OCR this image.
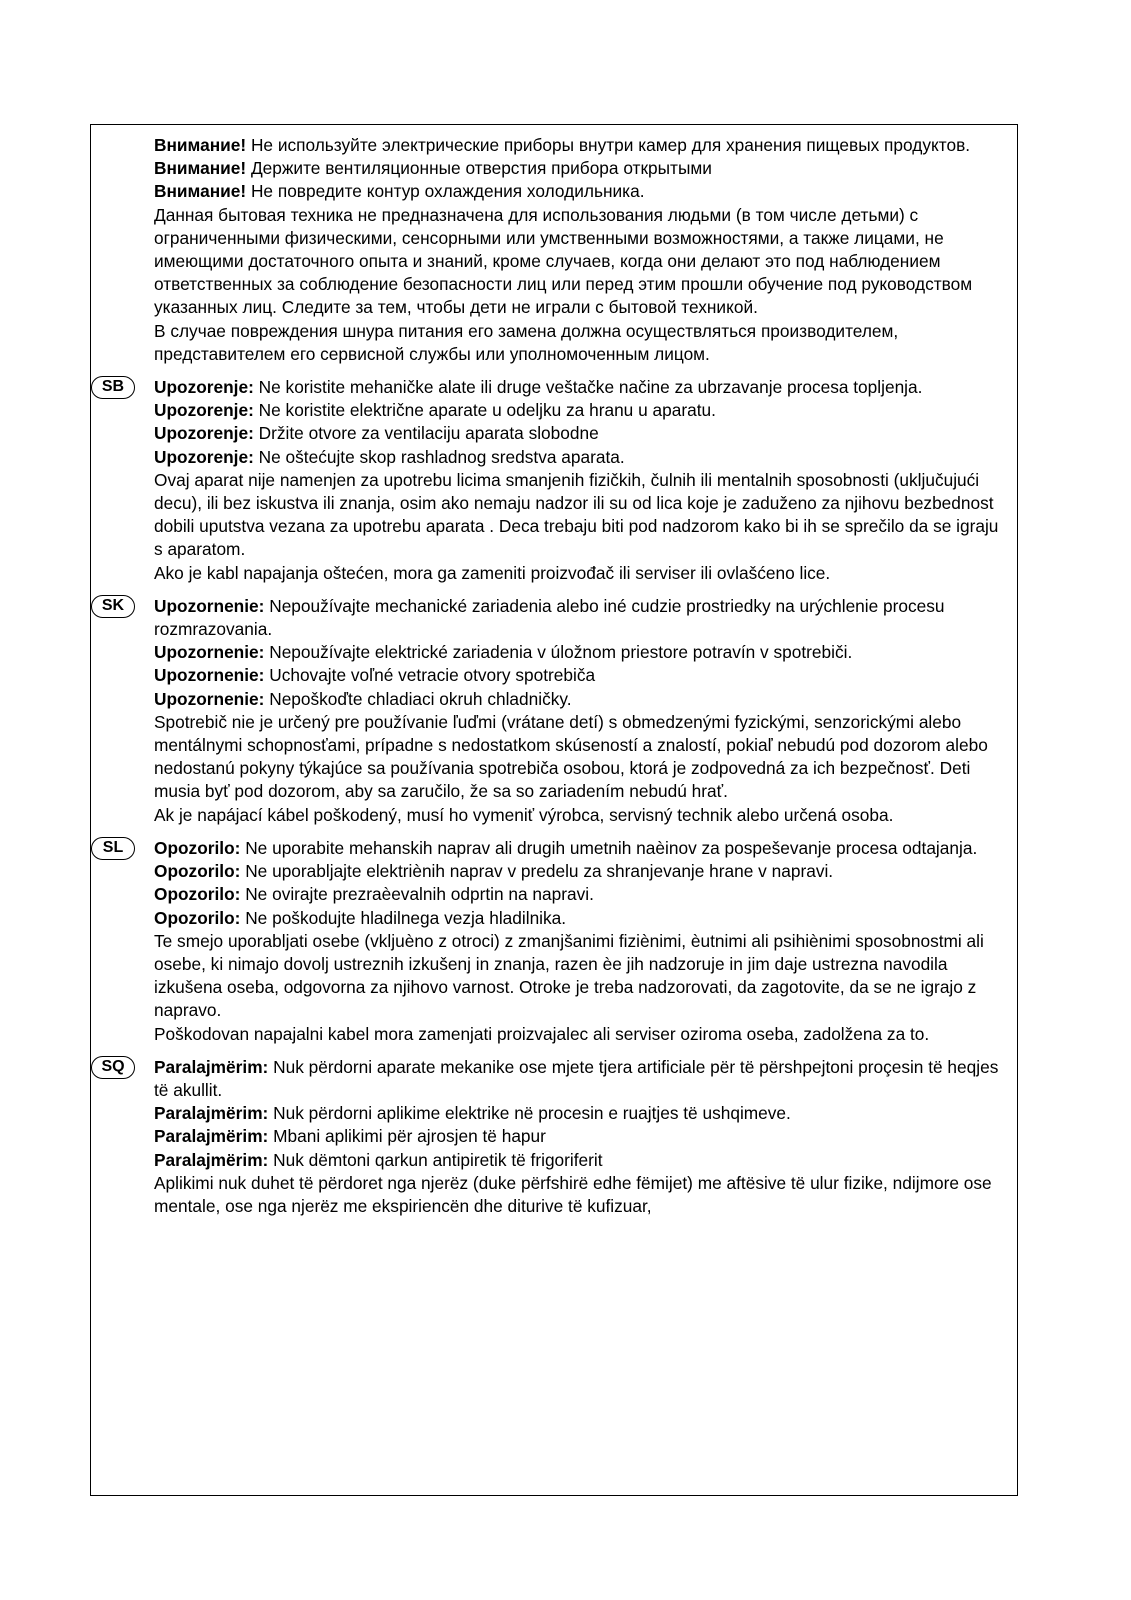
Внимание! Не используйте электрические приборы внутри камер для хранения пищевых продуктов.

Внимание! Держите вентиляционные отверстия прибора открытыми

Внимание! Не повредите контур охлаждения холодильника.

Данная бытовая техника не предназначена для использования людьми (в том числе детьми) с ограниченными физическими, сенсорными или умственными возможностями, а также лицами, не имеющими достаточного опыта и знаний, кроме случаев, когда они делают это под наблюдением ответственных за соблюдение безопасности лиц или перед этим прошли обучение под руководством указанных лиц. Следите за тем, чтобы дети не играли с бытовой техникой.

В случае повреждения шнура питания его замена должна осуществляться производителем, представителем его сервисной службы или уполномоченным лицом.

SB	Upozorenje: Ne koristite mehaničke alate ili druge veštačke načine za ubrzavanje procesa topljenja.

Upozorenje: Ne koristite električne aparate u odeljku za hranu u aparatu.

Upozorenje: Držite otvore za ventilaciju aparata slobodne

Upozorenje: Ne oštećujte skop rashladnog sredstva aparata.

Ovaj aparat nije namenjen za upotrebu licima smanjenih fizičkih, čulnih ili mentalnih sposobnosti (uključujući decu), ili bez iskustva ili znanja, osim ako nemaju nadzor ili su od lica koje je zaduženo za njihovu bezbednost dobili uputstva vezana za upotrebu aparata . Deca trebaju biti pod nadzorom kako bi ih se sprečilo da se igraju s aparatom.

Ako je kabl napajanja oštećen, mora ga zameniti proizvođač ili serviser ili ovlašćeno lice.

SK	Upozornenie: Nepoužívajte mechanické zariadenia alebo iné cudzie prostriedky na urýchlenie procesu rozmrazovania.

Upozornenie: Nepoužívajte elektrické zariadenia v úložnom priestore potravín v spotrebiči.

Upozornenie: Uchovajte voľné vetracie otvory spotrebiča

Upozornenie: Nepoškoďte chladiaci okruh chladničky.

Spotrebič nie je určený pre používanie ľuďmi (vrátane detí) s obmedzenými fyzickými, senzorickými alebo mentálnymi schopnosťami, prípadne s nedostatkom skúseností a znalostí, pokiaľ nebudú pod dozorom alebo nedostanú pokyny týkajúce sa používania spotrebiča osobou, ktorá je zodpovedná za ich bezpečnosť. Deti musia byť pod dozorom, aby sa zaručilo, že sa so zariadením nebudú hrať.

Ak je napájací kábel poškodený, musí ho vymeniť výrobca, servisný technik alebo určená osoba.

SL	Opozorilo: Ne uporabite mehanskih naprav ali drugih umetnih naèinov za pospeševanje procesa odtajanja.

Opozorilo: Ne uporabljajte elektriènih naprav v predelu za shranjevanje hrane v napravi.

Opozorilo: Ne ovirajte prezraèevalnih odprtin na napravi.

Opozorilo: Ne poškodujte hladilnega vezja hladilnika.

Te smejo uporabljati osebe (vkljuèno z otroci) z zmanjšanimi fiziènimi, èutnimi ali psihiènimi sposobnostmi ali osebe, ki nimajo dovolj ustreznih izkušenj in znanja, razen èe jih nadzoruje in jim daje ustrezna navodila izkušena oseba, odgovorna za njihovo varnost. Otroke je treba nadzorovati, da zagotovite, da se ne igrajo z napravo.

Poškodovan napajalni kabel mora zamenjati proizvajalec ali serviser oziroma oseba, zadolžena za to.

SQ	Paralajmërim: Nuk përdorni aparate mekanike ose mjete tjera artificiale për të përshpejtoni proçesin të heqjes të akullit.

Paralajmërim: Nuk përdorni aplikime elektrike në procesin e ruajtjes të ushqimeve.

Paralajmërim: Mbani aplikimi për ajrosjen të hapur

Paralajmërim: Nuk dëmtoni qarkun antipiretik të frigoriferit

Aplikimi nuk duhet të përdoret nga njerëz (duke përfshirë edhe fëmijet) me aftësive të ulur fizike, ndijmore ose mentale, ose nga njerëz me ekspiriencën dhe diturive të kufizuar,
